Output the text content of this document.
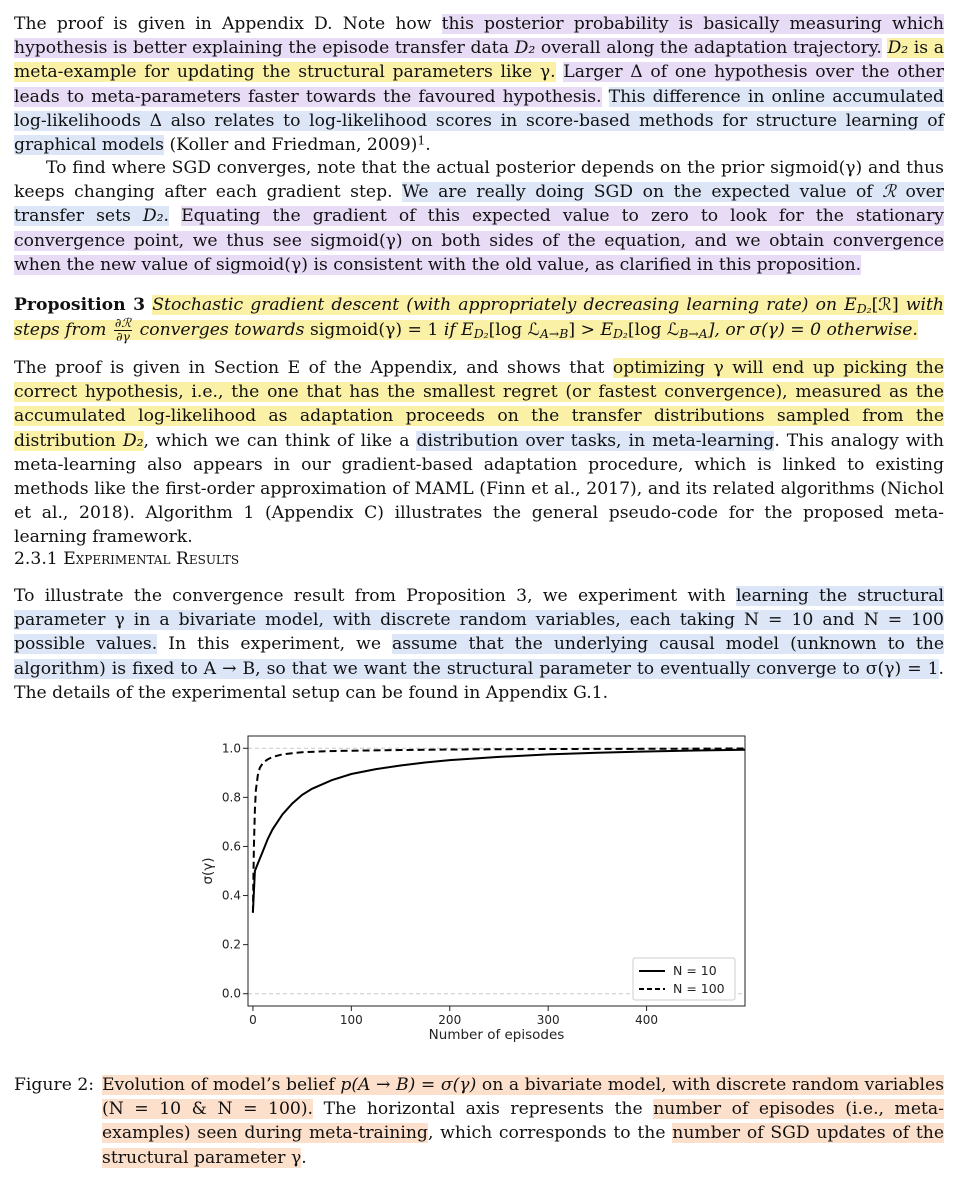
The proof is given in Appendix D. Note how this posterior probability is basically measuring which hypothesis is better explaining the episode transfer data D₂ overall along the adaptation trajectory. D₂ is a meta-example for updating the structural parameters like γ. Larger Δ of one hypothesis over the other leads to meta-parameters faster towards the favoured hypothesis. This difference in online accumulated log-likelihoods Δ also relates to log-likelihood scores in score-based methods for structure learning of graphical models (Koller and Friedman, 2009)$^1$.
To find where SGD converges, note that the actual posterior depends on the prior sigmoid(γ) and thus keeps changing after each gradient step. We are really doing SGD on the expected value of ℛ over transfer sets D₂. Equating the gradient of this expected value to zero to look for the stationary convergence point, we thus see sigmoid(γ) on both sides of the equation, and we obtain convergence when the new value of sigmoid(γ) is consistent with the old value, as clarified in this proposition.
Proposition 3 Stochastic gradient descent (with appropriately decreasing learning rate) on $E_{D_2}[ℛ]$ with steps from $\frac{\text{∂ℛ}}{\partial\gamma}$ converges towards sigmoid(γ) = 1 if $E_{D_2}[\log$ ℒ$_{A\to B}$] > $E_{D_2}[\log$ ℒ$_{B\to A}$], or σ(γ) = 0 otherwise.
The proof is given in Section E of the Appendix, and shows that optimizing γ will end up picking the correct hypothesis, i.e., the one that has the smallest regret (or fastest convergence), measured as the accumulated log-likelihood as adaptation proceeds on the transfer distributions sampled from the distribution D₂, which we can think of like a distribution over tasks, in meta-learning. This analogy with meta-learning also appears in our gradient-based adaptation procedure, which is linked to existing methods like the first-order approximation of MAML (Finn et al., 2017), and its related algorithms (Nichol et al., 2018). Algorithm 1 (Appendix C) illustrates the general pseudo-code for the proposed meta-learning framework.
2.3.1 Experimental Results
To illustrate the convergence result from Proposition 3, we experiment with learning the structural parameter γ in a bivariate model, with discrete random variables, each taking N = 10 and N = 100 possible values. In this experiment, we assume that the underlying causal model (unknown to the algorithm) is fixed to A → B, so that we want the structural parameter to eventually converge to σ(γ) = 1. The details of the experimental setup can be found in Appendix G.1.
0	100	200	300	400
0.0
0.2
0.4
0.6
0.8
1.0
Number of episodes
σ(γ)
N = 10
N = 100
Figure 2: Evolution of model’s belief p(A → B) = σ(γ) on a bivariate model, with discrete random variables (N = 10 & N = 100). The horizontal axis represents the number of episodes (i.e., meta-examples) seen during meta-training, which corresponds to the number of SGD updates of the structural parameter γ.
